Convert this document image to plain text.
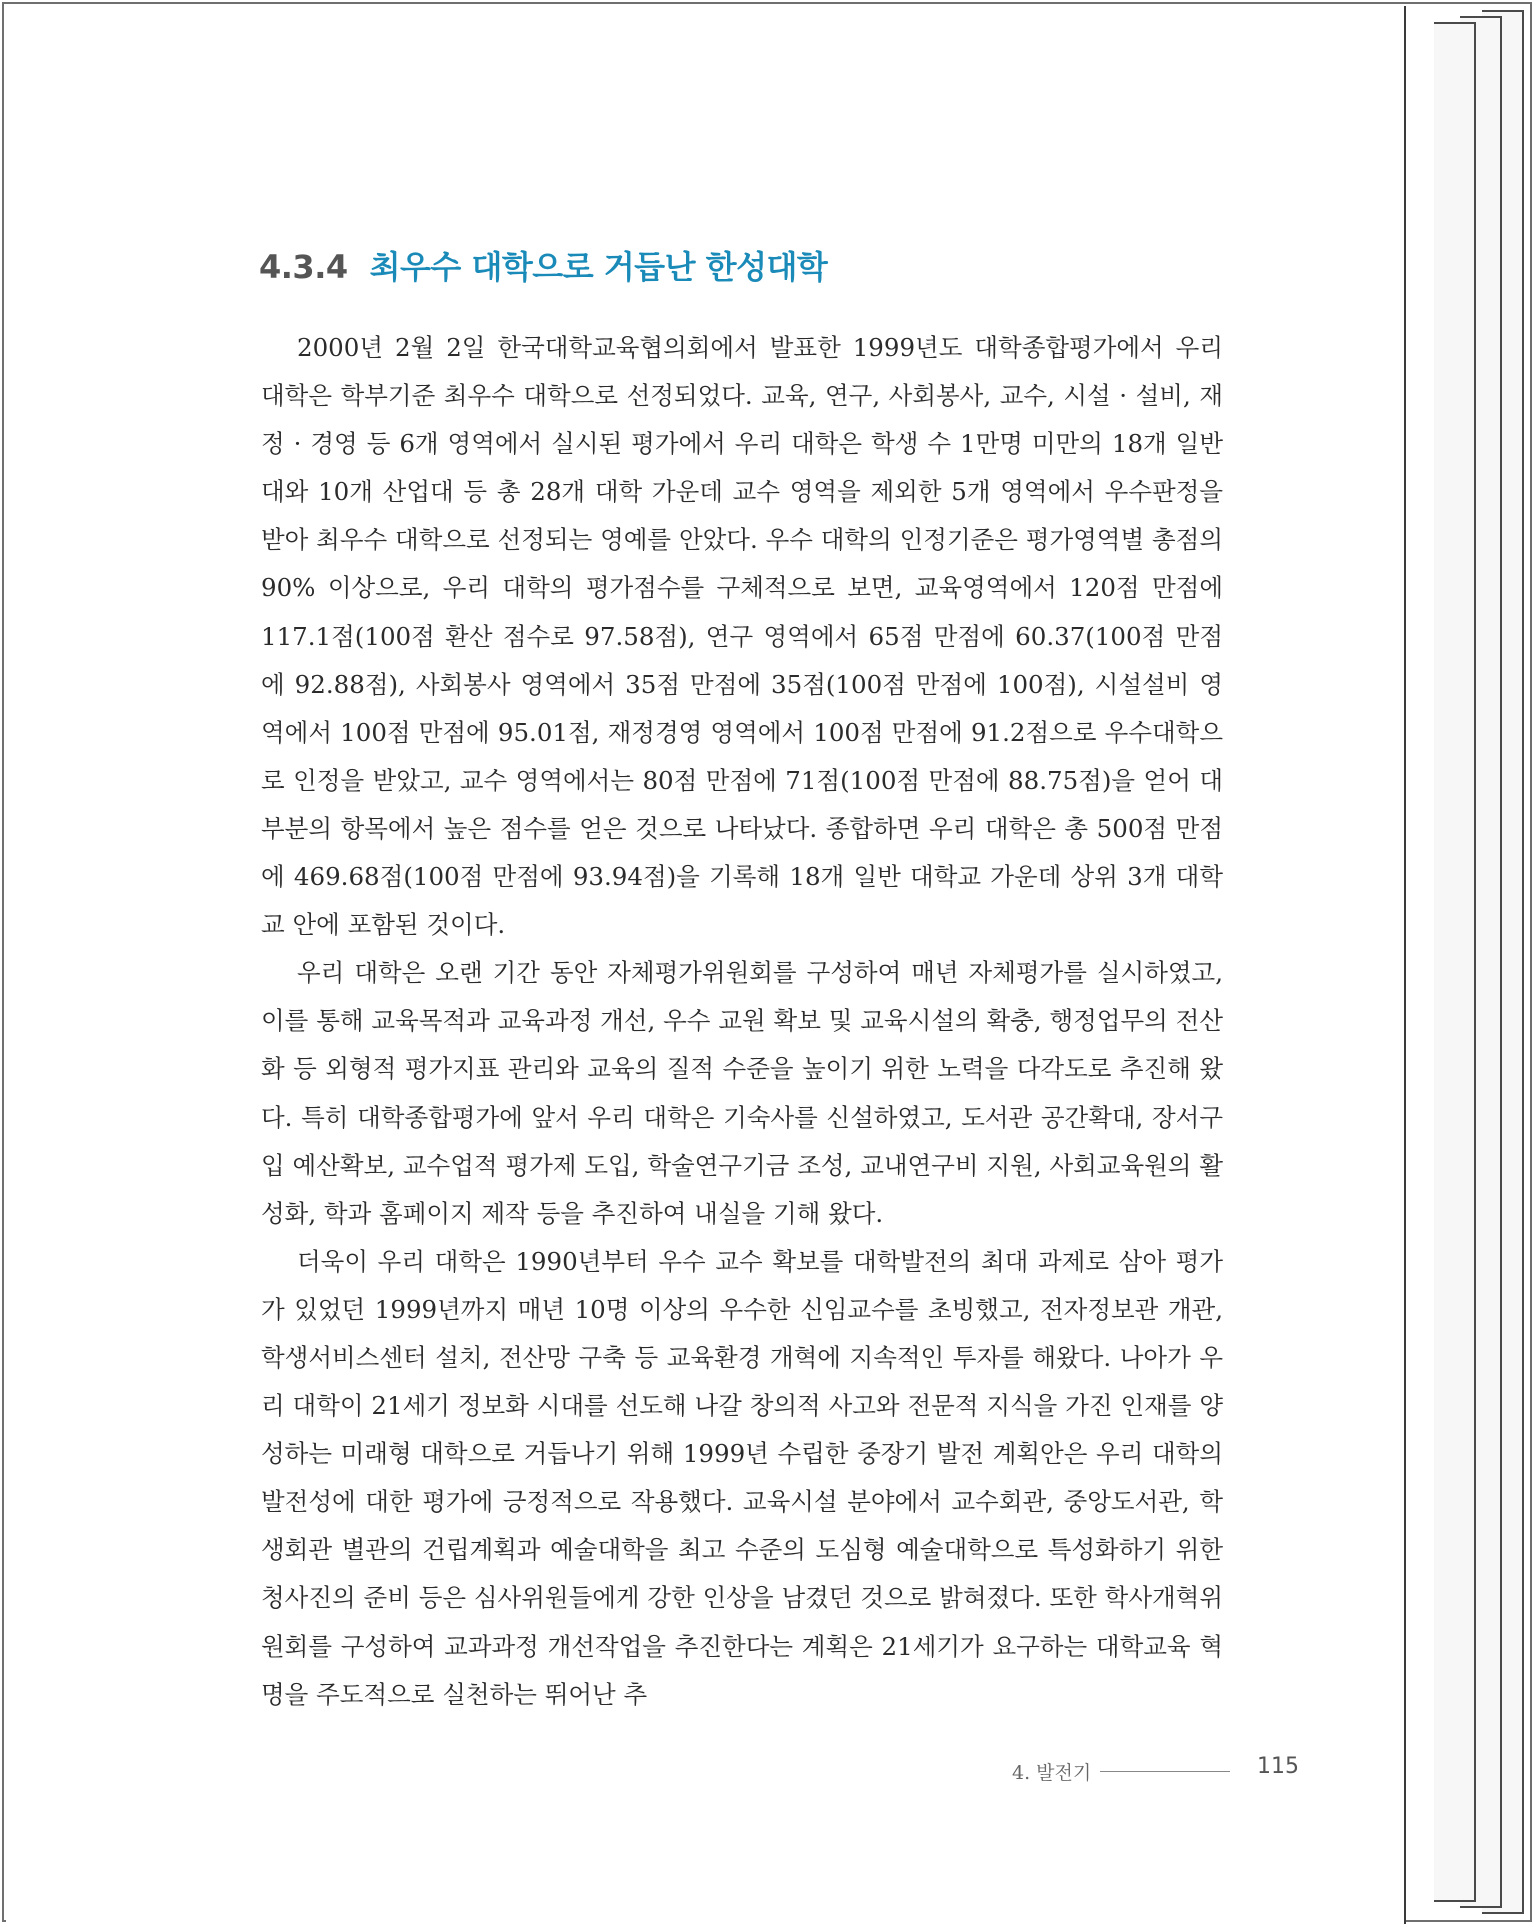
4.3.4 최우수 대학으로 거듭난 한성대학

2000년 2월 2일 한국대학교육협의회에서 발표한 1999년도 대학종합평가에서 우리 대학은 학부기준 최우수 대학으로 선정되었다. 교육, 연구, 사회봉사, 교수, 시설 · 설비, 재정 · 경영 등 6개 영역에서 실시된 평가에서 우리 대학은 학생 수 1만명 미만의 18개 일반대와 10개 산업대 등 총 28개 대학 가운데 교수 영역을 제외한 5개 영역에서 우수판정을 받아 최우수 대학으로 선정되는 영예를 안았다. 우수 대학의 인정기준은 평가영역별 총점의 90% 이상으로, 우리 대학의 평가점수를 구체적으로 보면, 교육영역에서 120점 만점에 117.1점(100점 환산 점수로 97.58점), 연구 영역에서 65점 만점에 60.37(100점 만점에 92.88점), 사회봉사 영역에서 35점 만점에 35점(100점 만점에 100점), 시설설비 영역에서 100점 만점에 95.01점, 재정경영 영역에서 100점 만점에 91.2점으로 우수대학으로 인정을 받았고, 교수 영역에서는 80점 만점에 71점(100점 만점에 88.75점)을 얻어 대부분의 항목에서 높은 점수를 얻은 것으로 나타났다. 종합하면 우리 대학은 총 500점 만점에 469.68점(100점 만점에 93.94점)을 기록해 18개 일반 대학교 가운데 상위 3개 대학교 안에 포함된 것이다.

우리 대학은 오랜 기간 동안 자체평가위원회를 구성하여 매년 자체평가를 실시하였고, 이를 통해 교육목적과 교육과정 개선, 우수 교원 확보 및 교육시설의 확충, 행정업무의 전산화 등 외형적 평가지표 관리와 교육의 질적 수준을 높이기 위한 노력을 다각도로 추진해 왔다. 특히 대학종합평가에 앞서 우리 대학은 기숙사를 신설하였고, 도서관 공간확대, 장서구입 예산확보, 교수업적 평가제 도입, 학술연구기금 조성, 교내연구비 지원, 사회교육원의 활성화, 학과 홈페이지 제작 등을 추진하여 내실을 기해 왔다.

더욱이 우리 대학은 1990년부터 우수 교수 확보를 대학발전의 최대 과제로 삼아 평가가 있었던 1999년까지 매년 10명 이상의 우수한 신임교수를 초빙했고, 전자정보관 개관, 학생서비스센터 설치, 전산망 구축 등 교육환경 개혁에 지속적인 투자를 해왔다. 나아가 우리 대학이 21세기 정보화 시대를 선도해 나갈 창의적 사고와 전문적 지식을 가진 인재를 양성하는 미래형 대학으로 거듭나기 위해 1999년 수립한 중장기 발전 계획안은 우리 대학의 발전성에 대한 평가에 긍정적으로 작용했다. 교육시설 분야에서 교수회관, 중앙도서관, 학생회관 별관의 건립계획과 예술대학을 최고 수준의 도심형 예술대학으로 특성화하기 위한 청사진의 준비 등은 심사위원들에게 강한 인상을 남겼던 것으로 밝혀졌다. 또한 학사개혁위원회를 구성하여 교과과정 개선작업을 추진한다는 계획은 21세기가 요구하는 대학교육 혁명을 주도적으로 실천하는 뛰어난 추

4. 발전기	115
